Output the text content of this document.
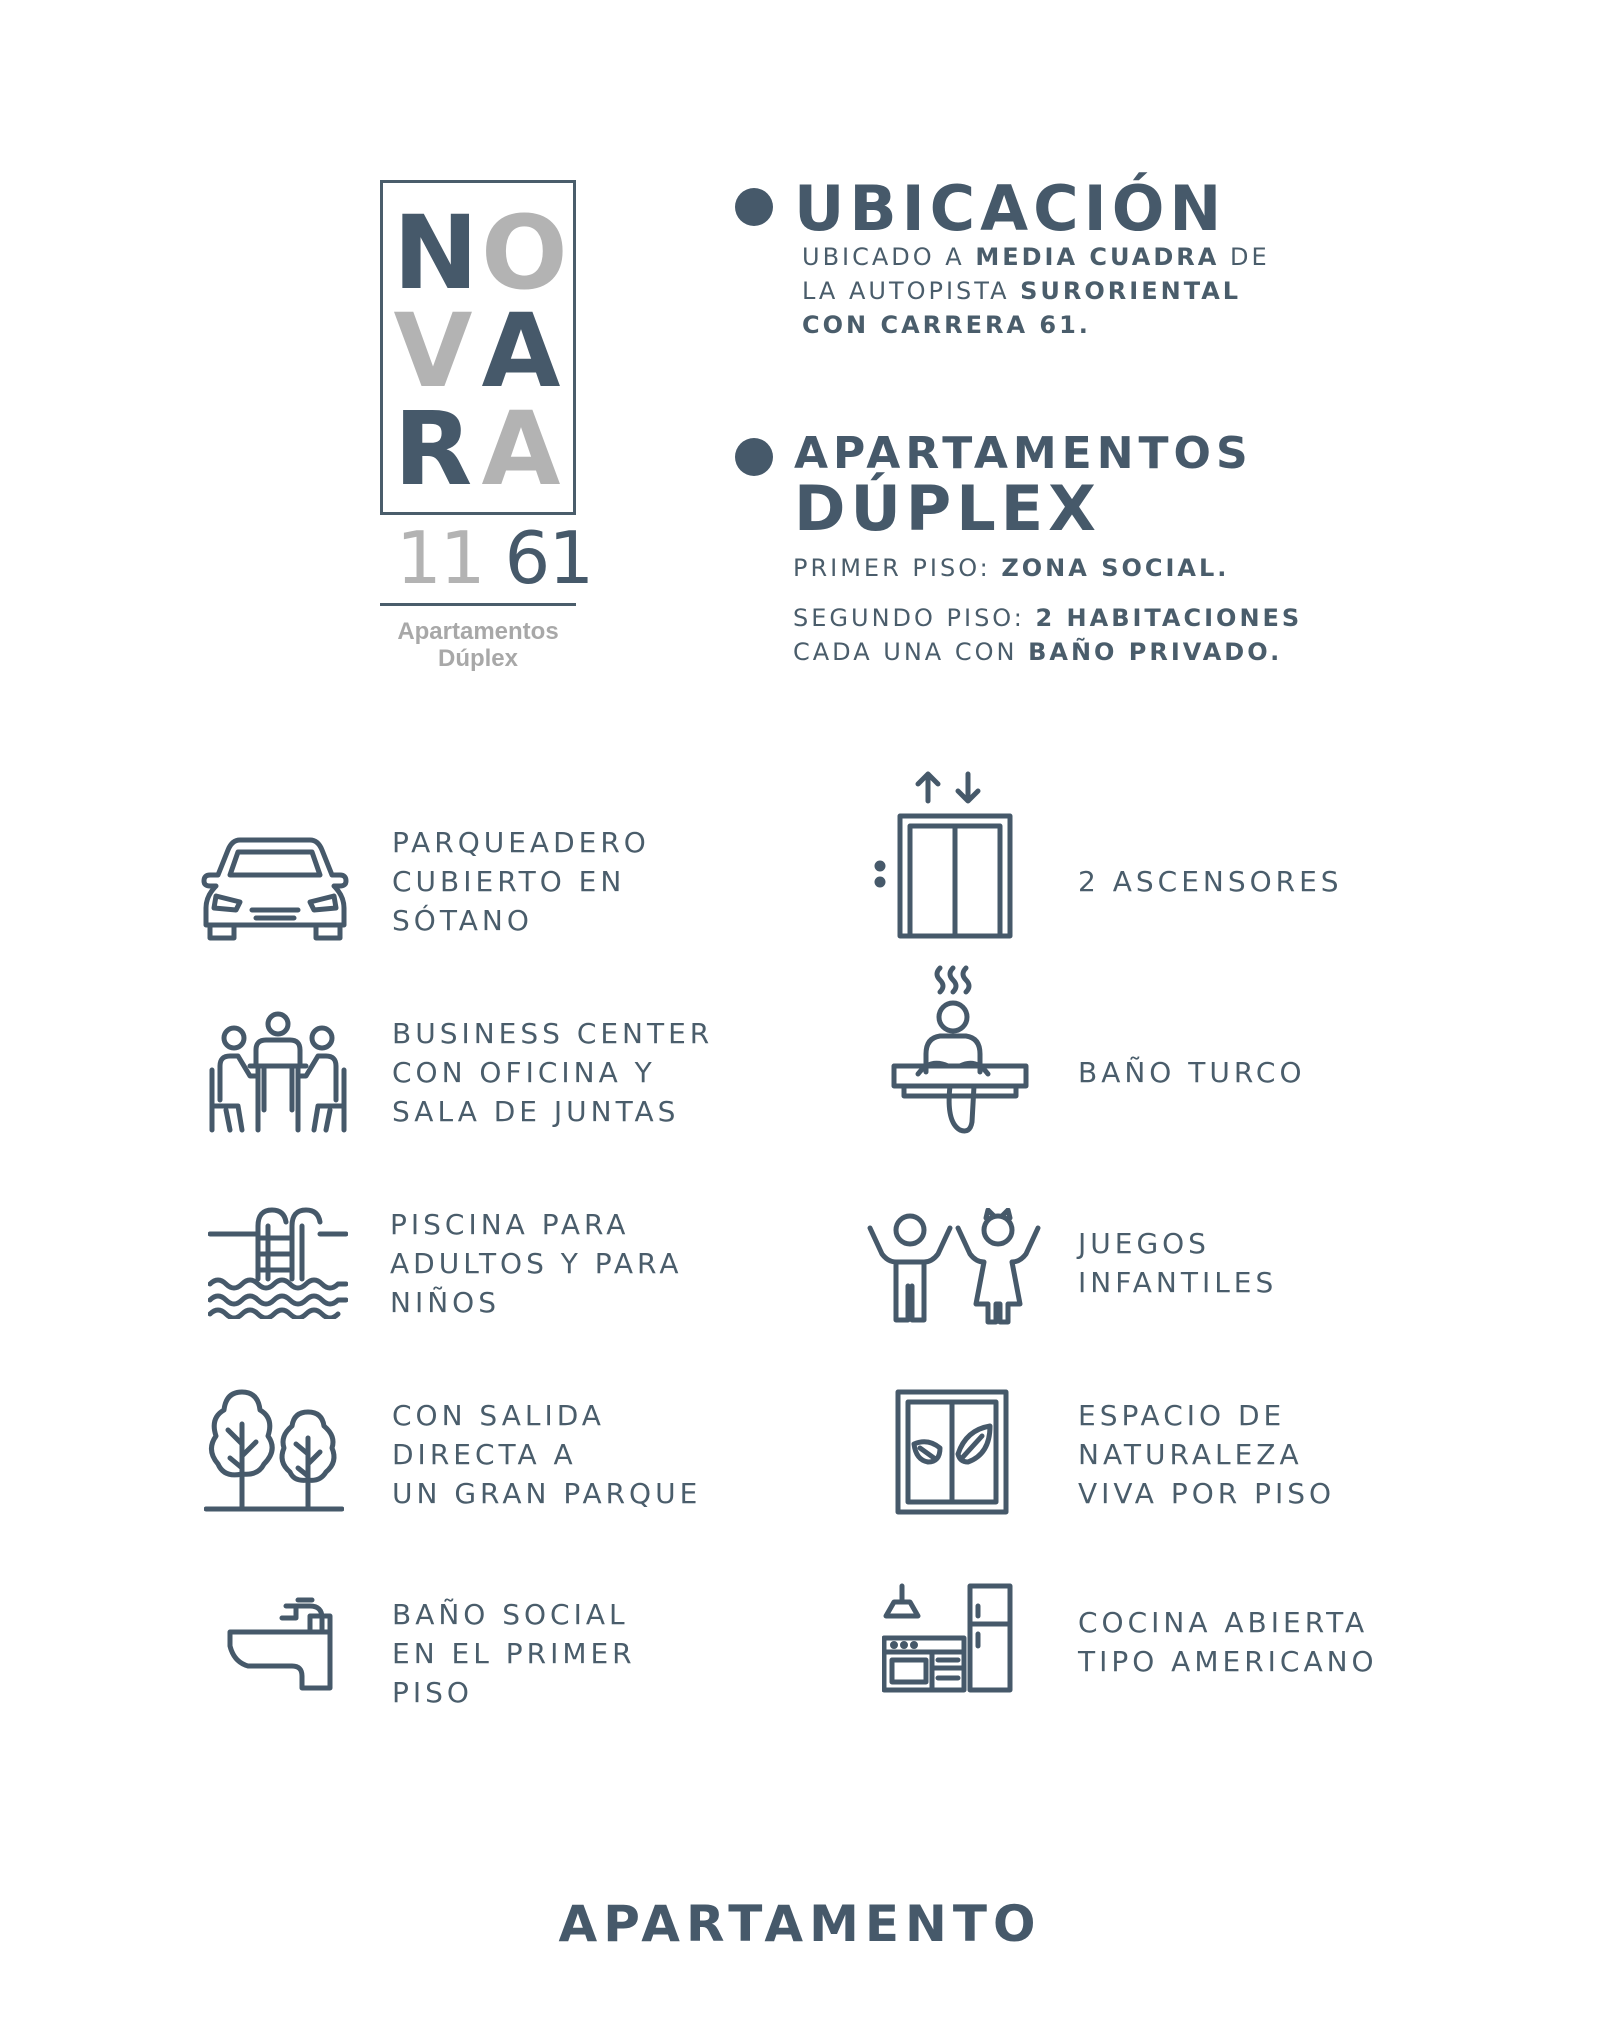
N O
V A
R A
11 61
Apartamentos
Dúplex
UBICACIÓN
UBICADO A MEDIA CUADRA DE
LA AUTOPISTA SURORIENTAL
CON CARRERA 61.
APARTAMENTOS
DÚPLEX
PRIMER PISO: ZONA SOCIAL.
SEGUNDO PISO: 2 HABITACIONES
CADA UNA CON BAÑO PRIVADO.
PARQUEADERO
CUBIERTO EN
SÓTANO
2 ASCENSORES
BUSINESS CENTER
CON OFICINA Y
SALA DE JUNTAS
BAÑO TURCO
PISCINA PARA
ADULTOS Y PARA
NIÑOS
JUEGOS
INFANTILES
CON SALIDA
DIRECTA A
UN GRAN PARQUE
ESPACIO DE
NATURALEZA
VIVA POR PISO
BAÑO SOCIAL
EN EL PRIMER
PISO
COCINA ABIERTA
TIPO AMERICANO
APARTAMENTO
